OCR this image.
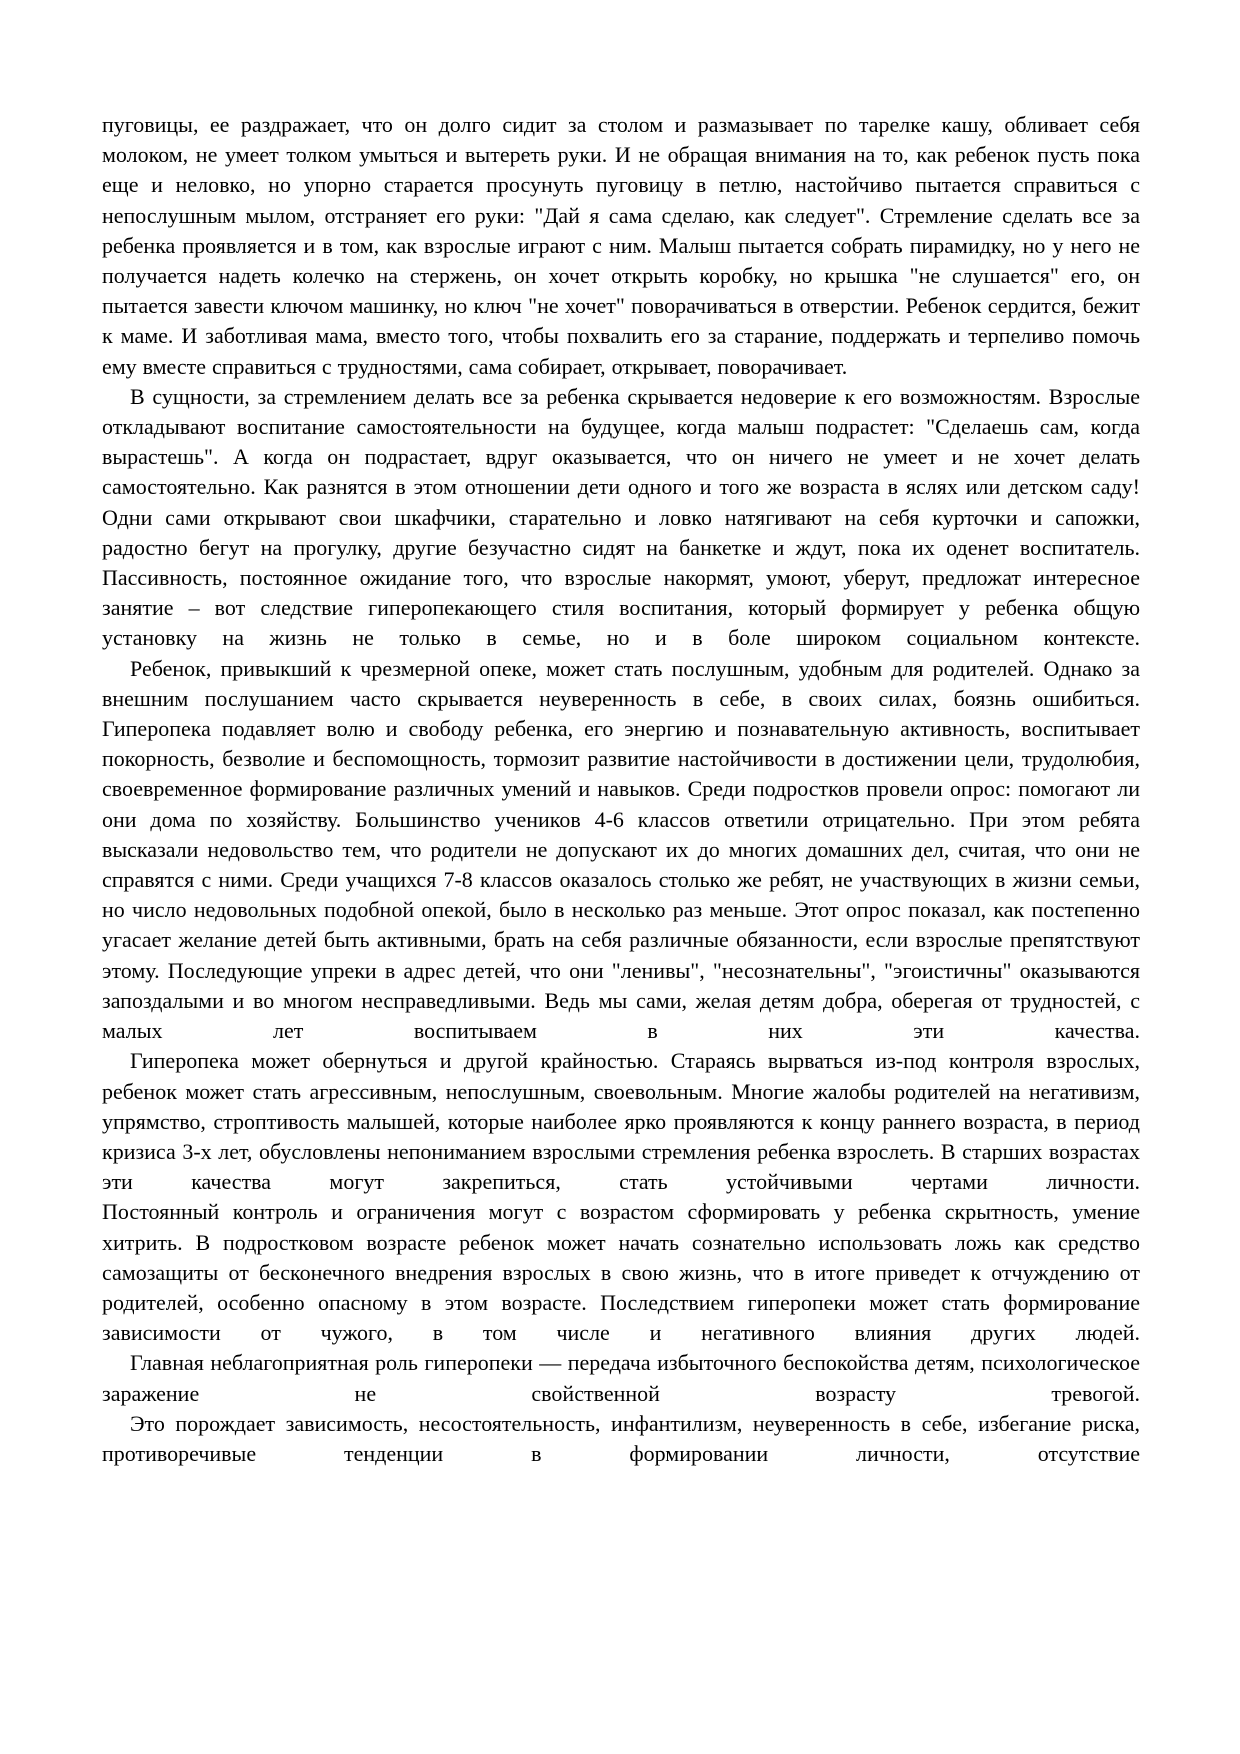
пуговицы, ее раздражает, что он долго сидит за столом и размазывает по тарелке кашу, обливает себя молоком, не умеет толком умыться и вытереть руки. И не обращая внимания на то, как ребенок пусть пока еще и неловко, но упорно старается просунуть пуговицу в петлю, настойчиво пытается справиться с непослушным мылом, отстраняет его руки: "Дай я сама сделаю, как следует". Стремление сделать все за ребенка проявляется и в том, как взрослые играют с ним. Малыш пытается собрать пирамидку, но у него не получается надеть колечко на стержень, он хочет открыть коробку, но крышка "не слушается" его, он пытается завести ключом машинку, но ключ "не хочет" поворачиваться в отверстии. Ребенок сердится, бежит к маме. И заботливая мама, вместо того, чтобы похвалить его за старание, поддержать и терпеливо помочь ему вместе справиться с трудностями, сама собирает, открывает, поворачивает.

В сущности, за стремлением делать все за ребенка скрывается недоверие к его возможностям. Взрослые откладывают воспитание самостоятельности на будущее, когда малыш подрастет: "Сделаешь сам, когда вырастешь". А когда он подрастает, вдруг оказывается, что он ничего не умеет и не хочет делать самостоятельно. Как разнятся в этом отношении дети одного и того же возраста в яслях или детском саду! Одни сами открывают свои шкафчики, старательно и ловко натягивают на себя курточки и сапожки, радостно бегут на прогулку, другие безучастно сидят на банкетке и ждут, пока их оденет воспитатель. Пассивность, постоянное ожидание того, что взрослые накормят, умоют, уберут, предложат интересное занятие – вот следствие гиперопекающего стиля воспитания, который формирует у ребенка общую установку на жизнь не только в семье, но и в боле широком социальном контексте.

Ребенок, привыкший к чрезмерной опеке, может стать послушным, удобным для родителей. Однако за внешним послушанием часто скрывается неуверенность в себе, в своих силах, боязнь ошибиться. Гиперопека подавляет волю и свободу ребенка, его энергию и познавательную активность, воспитывает покорность, безволие и беспомощность, тормозит развитие настойчивости в достижении цели, трудолюбия, своевременное формирование различных умений и навыков. Среди подростков провели опрос: помогают ли они дома по хозяйству. Большинство учеников 4-6 классов ответили отрицательно. При этом ребята высказали недовольство тем, что родители не допускают их до многих домашних дел, считая, что они не справятся с ними. Среди учащихся 7-8 классов оказалось столько же ребят, не участвующих в жизни семьи, но число недовольных подобной опекой, было в несколько раз меньше. Этот опрос показал, как постепенно угасает желание детей быть активными, брать на себя различные обязанности, если взрослые препятствуют этому. Последующие упреки в адрес детей, что они "ленивы", "несознательны", "эгоистичны" оказываются запоздалыми и во многом несправедливыми. Ведь мы сами, желая детям добра, оберегая от трудностей, с малых лет воспитываем в них эти качества.

Гиперопека может обернуться и другой крайностью. Стараясь вырваться из-под контроля взрослых, ребенок может стать агрессивным, непослушным, своевольным. Многие жалобы родителей на негативизм, упрямство, строптивость малышей, которые наиболее ярко проявляются к концу раннего возраста, в период кризиса 3-х лет, обусловлены непониманием взрослыми стремления ребенка взрослеть. В старших возрастах эти качества могут закрепиться, стать устойчивыми чертами личности.

Постоянный контроль и ограничения могут с возрастом сформировать у ребенка скрытность, умение хитрить. В подростковом возрасте ребенок может начать сознательно использовать ложь как средство самозащиты от бесконечного внедрения взрослых в свою жизнь, что в итоге приведет к отчуждению от родителей, особенно опасному в этом возрасте. Последствием гиперопеки может стать формирование зависимости от чужого, в том числе и негативного влияния других людей.

Главная неблагоприятная роль гиперопеки — передача избыточного беспокойства детям, психологическое заражение не свойственной возрасту тревогой.

Это порождает зависимость, несостоятельность, инфантилизм, неуверенность в себе, избегание риска, противоречивые тенденции в формировании личности, отсутствие
